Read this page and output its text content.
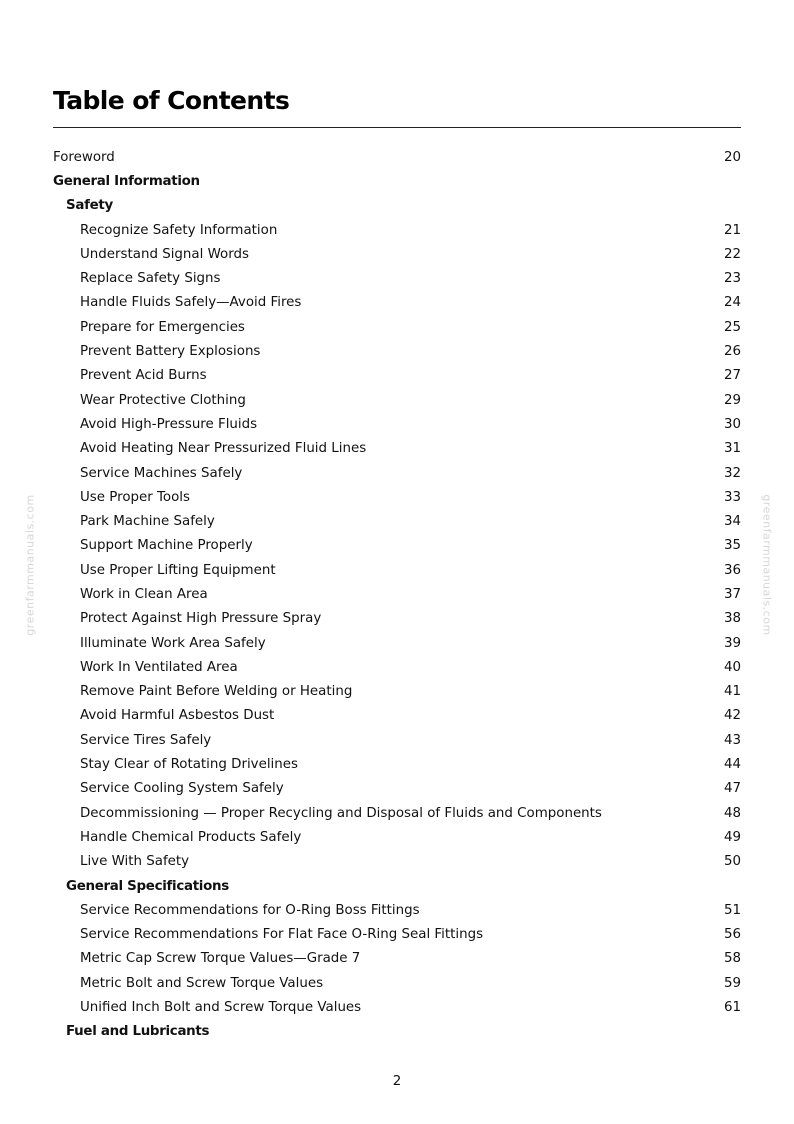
Table of Contents
Foreword	20
General Information
Safety
Recognize Safety Information	21
Understand Signal Words	22
Replace Safety Signs	23
Handle Fluids Safely—Avoid Fires	24
Prepare for Emergencies	25
Prevent Battery Explosions	26
Prevent Acid Burns	27
Wear Protective Clothing	29
Avoid High-Pressure Fluids	30
Avoid Heating Near Pressurized Fluid Lines	31
Service Machines Safely	32
Use Proper Tools	33
Park Machine Safely	34
Support Machine Properly	35
Use Proper Lifting Equipment	36
Work in Clean Area	37
Protect Against High Pressure Spray	38
Illuminate Work Area Safely	39
Work In Ventilated Area	40
Remove Paint Before Welding or Heating	41
Avoid Harmful Asbestos Dust	42
Service Tires Safely	43
Stay Clear of Rotating Drivelines	44
Service Cooling System Safely	47
Decommissioning — Proper Recycling and Disposal of Fluids and Components	48
Handle Chemical Products Safely	49
Live With Safety	50
General Specifications
Service Recommendations for O-Ring Boss Fittings	51
Service Recommendations For Flat Face O-Ring Seal Fittings	56
Metric Cap Screw Torque Values—Grade 7	58
Metric Bolt and Screw Torque Values	59
Unified Inch Bolt and Screw Torque Values	61
Fuel and Lubricants
greenfarmmanuals.com	greenfarmmanuals.com
2
